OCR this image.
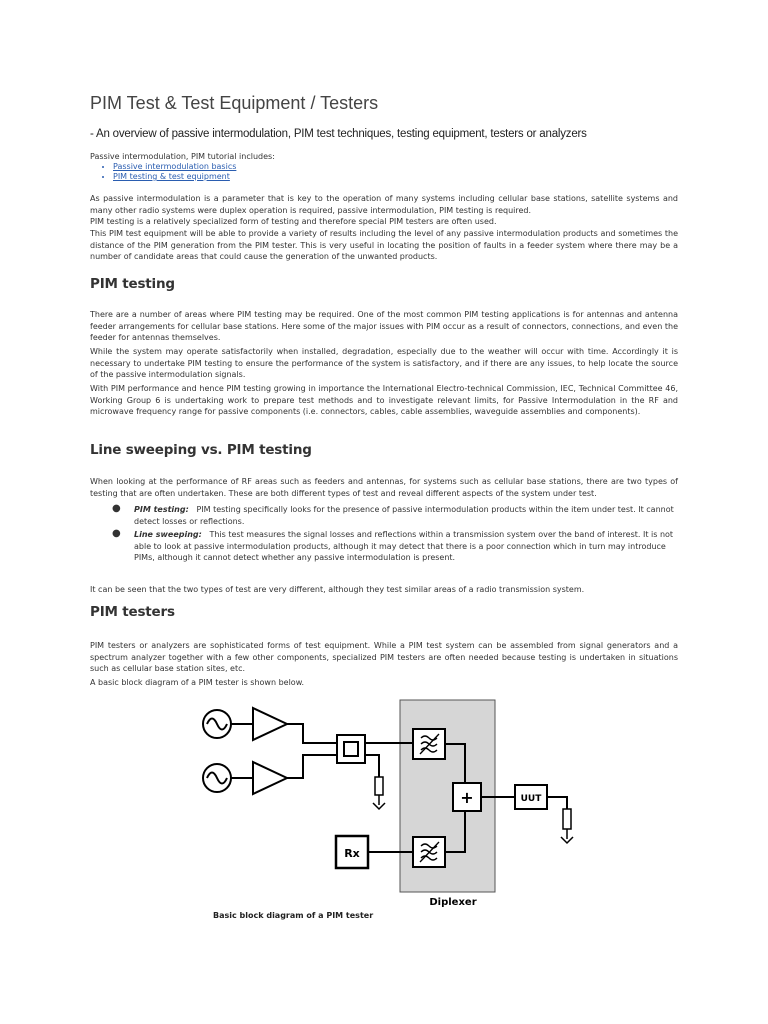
PIM Test & Test Equipment / Testers

- An overview of passive intermodulation, PIM test techniques, testing equipment, testers or analyzers

Passive intermodulation, PIM tutorial includes:
• Passive intermodulation basics
• PIM testing & test equipment

As passive intermodulation is a parameter that is key to the operation of many systems including cellular base stations, satellite systems and many other radio systems were duplex operation is required, passive intermodulation, PIM testing is required.

PIM testing is a relatively specialized form of testing and therefore special PIM testers are often used.

This PIM test equipment will be able to provide a variety of results including the level of any passive intermodulation products and sometimes the distance of the PIM generation from the PIM tester. This is very useful in locating the position of faults in a feeder system where there may be a number of candidate areas that could cause the generation of the unwanted products.

PIM testing

There are a number of areas where PIM testing may be required. One of the most common PIM testing applications is for antennas and antenna feeder arrangements for cellular base stations. Here some of the major issues with PIM occur as a result of connectors, connections, and even the feeder for antennas themselves.

While the system may operate satisfactorily when installed, degradation, especially due to the weather will occur with time. Accordingly it is necessary to undertake PIM testing to ensure the performance of the system is satisfactory, and if there are any issues, to help locate the source of the passive intermodulation signals.

With PIM performance and hence PIM testing growing in importance the International Electro-technical Commission, IEC, Technical Committee 46, Working Group 6 is undertaking work to prepare test methods and to investigate relevant limits, for Passive Intermodulation in the RF and microwave frequency range for passive components (i.e. connectors, cables, cable assemblies, waveguide assemblies and components).

Line sweeping vs. PIM testing

When looking at the performance of RF areas such as feeders and antennas, for systems such as cellular base stations, there are two types of testing that are often undertaken. These are both different types of test and reveal different aspects of the system under test.

● PIM testing: PIM testing specifically looks for the presence of passive intermodulation products within the item under test. It cannot detect losses or reflections.
● Line sweeping: This test measures the signal losses and reflections within a transmission system over the band of interest. It is not able to look at passive intermodulation products, although it may detect that there is a poor connection which in turn may introduce PIMs, although it cannot detect whether any passive intermodulation is present.

It can be seen that the two types of test are very different, although they test similar areas of a radio transmission system.

PIM testers

PIM testers or analyzers are sophisticated forms of test equipment. While a PIM test system can be assembled from signal generators and a spectrum analyzer together with a few other components, specialized PIM testers are often needed because testing is undertaken in situations such as cellular base station sites, etc.

A basic block diagram of a PIM tester is shown below.

+	UUT
Rx
Diplexer
Basic block diagram of a PIM tester
